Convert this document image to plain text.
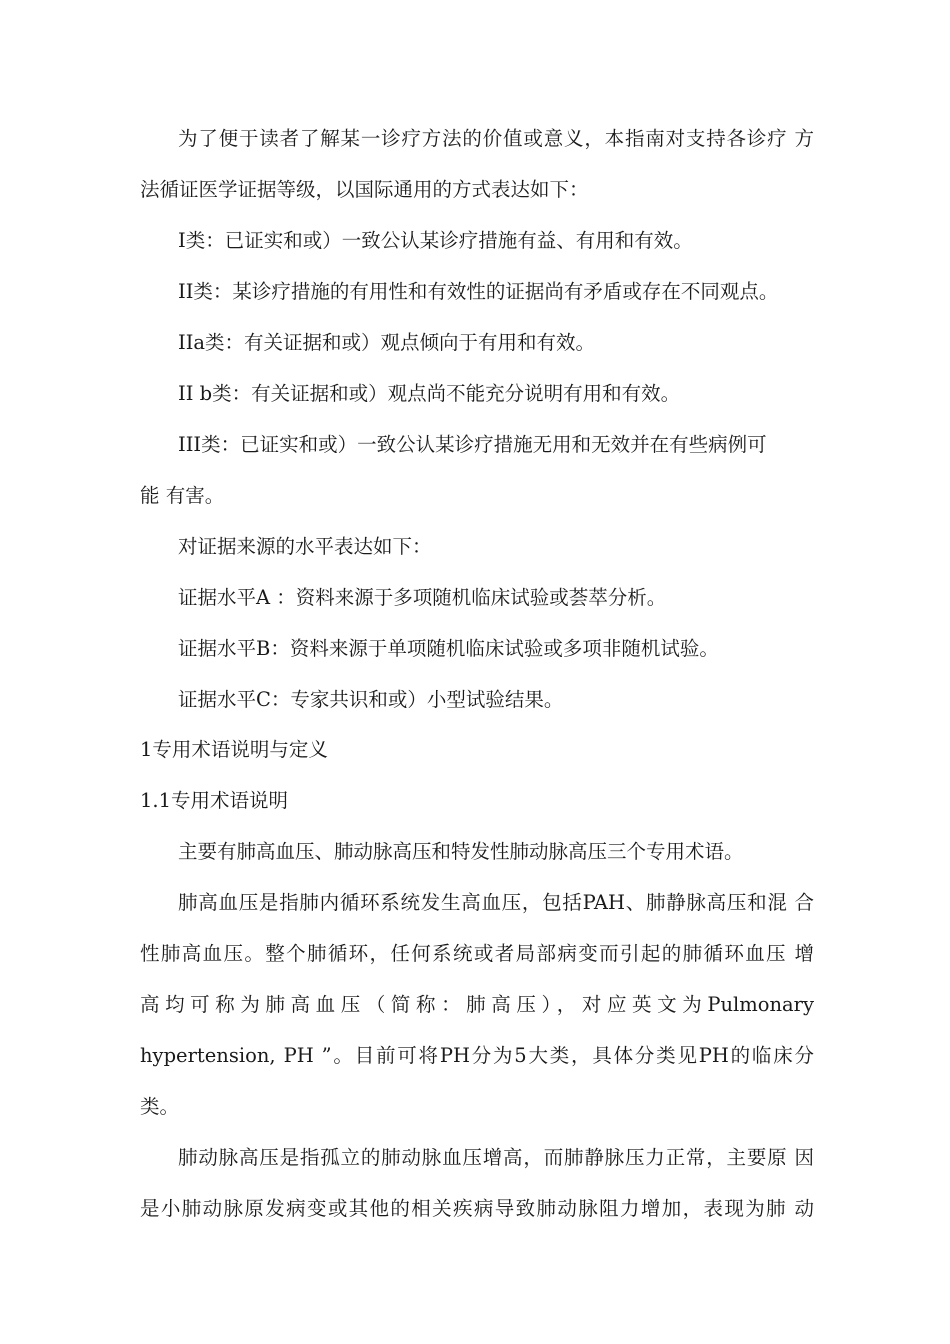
为了便于读者了解某一诊疗方法的价值或意义，本指南对支持各诊疗 方
法循证医学证据等级，以国际通用的方式表达如下：
I类：已证实和或）一致公认某诊疗措施有益、有用和有效。
II类：某诊疗措施的有用性和有效性的证据尚有矛盾或存在不同观点。
IIa类：有关证据和或）观点倾向于有用和有效。
II b类：有关证据和或）观点尚不能充分说明有用和有效。
III类：已证实和或）一致公认某诊疗措施无用和无效并在有些病例可
能 有害。
对证据来源的水平表达如下：
证据水平A ：资料来源于多项随机临床试验或荟萃分析。
证据水平B：资料来源于单项随机临床试验或多项非随机试验。
证据水平C：专家共识和或）小型试验结果。
1专用术语说明与定义
1.1专用术语说明
主要有肺高血压、肺动脉高压和特发性肺动脉高压三个专用术语。
肺高血压是指肺内循环系统发生高血压，包括PAH、肺静脉高压和混 合
性肺高血压。整个肺循环，任何系统或者局部病变而引起的肺循环血压 增
高均可称为肺高血压（简称：肺高压），对应英文为Pulmonary
hypertension, PH ”。目前可将PH分为5大类，具体分类见PH的临床分
类。
肺动脉高压是指孤立的肺动脉血压增高，而肺静脉压力正常，主要原 因
是小肺动脉原发病变或其他的相关疾病导致肺动脉阻力增加，表现为肺 动
